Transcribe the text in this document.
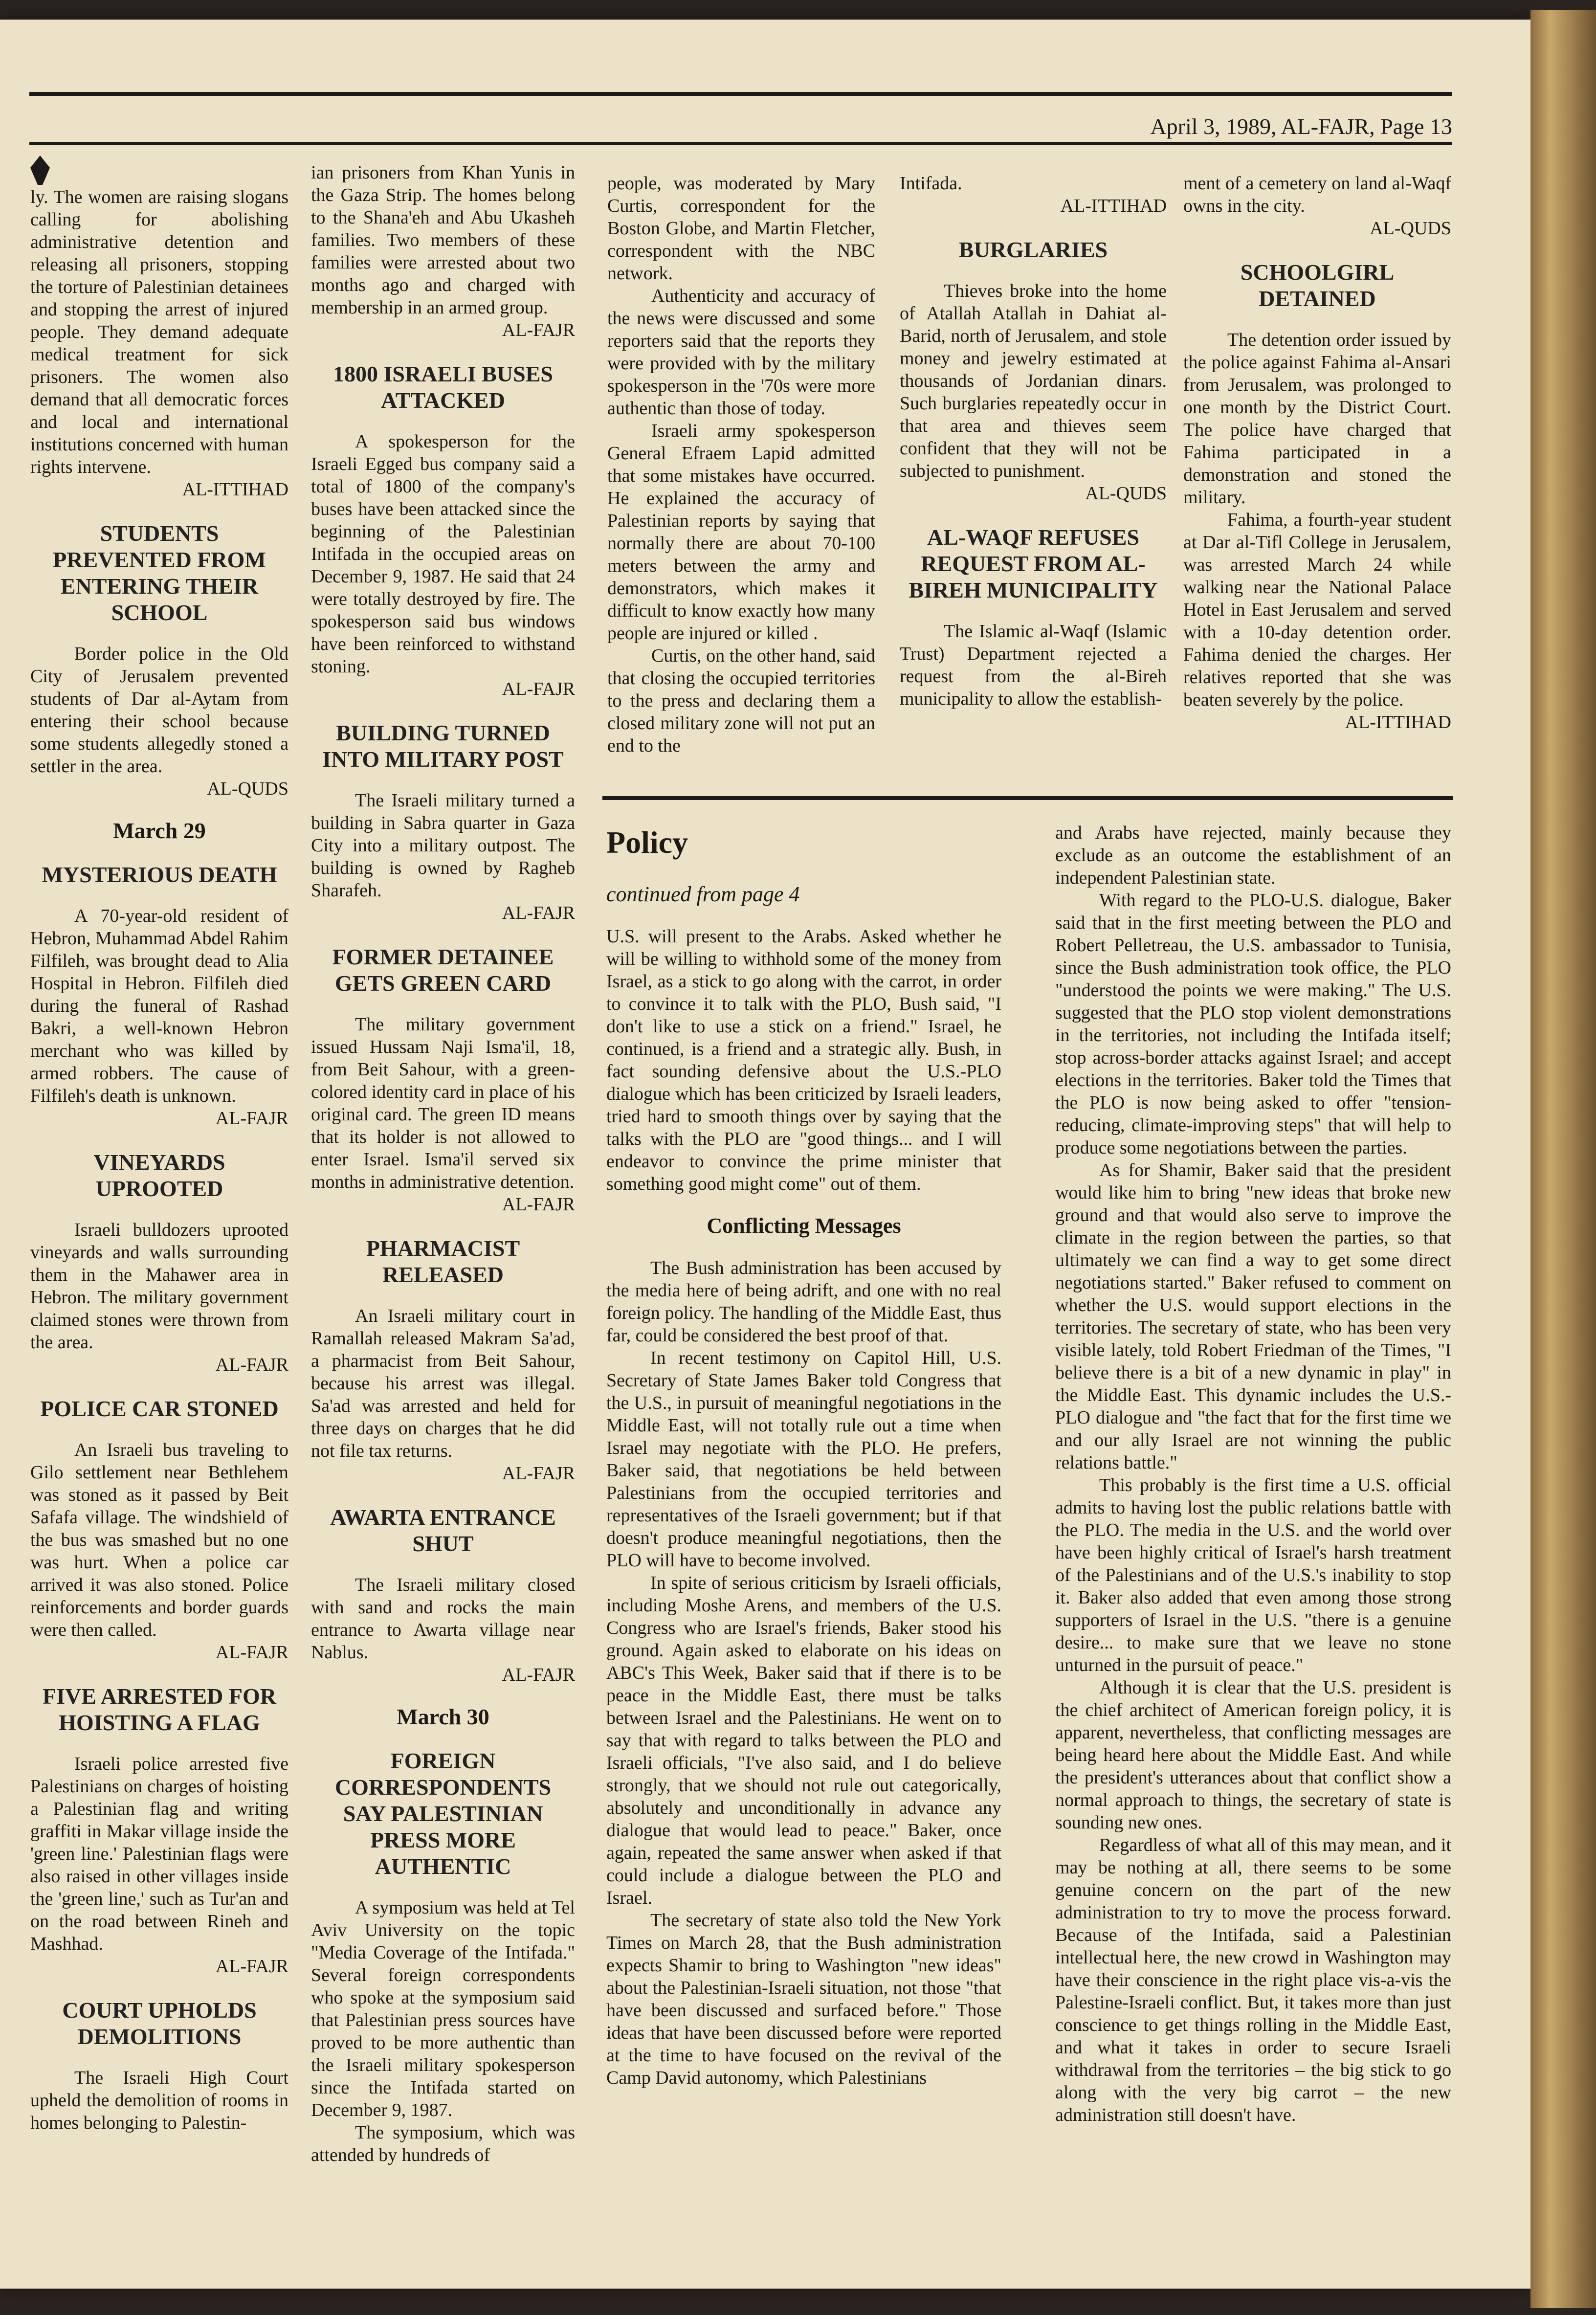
April 3, 1989, AL-FAJR, Page 13

ly. The women are raising slogans calling for abolishing administrative detention and releasing all prisoners, stopping the torture of Palestinian detainees and stopping the arrest of injured people. They demand adequate medical treatment for sick prisoners. The women also demand that all democratic forces and local and international institutions concerned with human rights intervene.

AL-ITTIHAD
STUDENTS PREVENTED FROM ENTERING THEIR SCHOOL

Border police in the Old City of Jerusalem prevented students of Dar al-Aytam from entering their school because some students allegedly stoned a settler in the area.

AL-QUDS
March 29
MYSTERIOUS DEATH

A 70-year-old resident of Hebron, Muhammad Abdel Rahim Filfileh, was brought dead to Alia Hospital in Hebron. Filfileh died during the funeral of Rashad Bakri, a well-known Hebron merchant who was killed by armed robbers. The cause of Filfileh's death is unknown.

AL-FAJR
VINEYARDS UPROOTED

Israeli bulldozers uprooted vineyards and walls surrounding them in the Mahawer area in Hebron. The military government claimed stones were thrown from the area.

AL-FAJR
POLICE CAR STONED

An Israeli bus traveling to Gilo settlement near Bethlehem was stoned as it passed by Beit Safafa village. The windshield of the bus was smashed but no one was hurt. When a police car arrived it was also stoned. Police reinforcements and border guards were then called.

AL-FAJR
FIVE ARRESTED FOR HOISTING A FLAG

Israeli police arrested five Palestinians on charges of hoisting a Palestinian flag and writing graffiti in Makar village inside the 'green line.' Palestinian flags were also raised in other villages inside the 'green line,' such as Tur'an and on the road between Rineh and Mashhad.

AL-FAJR
COURT UPHOLDS DEMOLITIONS

The Israeli High Court upheld the demolition of rooms in homes belonging to Palestin-

ian prisoners from Khan Yunis in the Gaza Strip. The homes belong to the Shana'eh and Abu Ukasheh families. Two members of these families were arrested about two months ago and charged with membership in an armed group.

AL-FAJR
1800 ISRAELI BUSES ATTACKED

A spokesperson for the Israeli Egged bus company said a total of 1800 of the company's buses have been attacked since the beginning of the Palestinian Intifada in the occupied areas on December 9, 1987. He said that 24 were totally destroyed by fire. The spokesperson said bus windows have been reinforced to withstand stoning.

AL-FAJR
BUILDING TURNED INTO MILITARY POST

The Israeli military turned a building in Sabra quarter in Gaza City into a military outpost. The building is owned by Ragheb Sharafeh.

AL-FAJR
FORMER DETAINEE GETS GREEN CARD

The military government issued Hussam Naji Isma'il, 18, from Beit Sahour, with a green-colored identity card in place of his original card. The green ID means that its holder is not allowed to enter Israel. Isma'il served six months in administrative detention.

AL-FAJR
PHARMACIST RELEASED

An Israeli military court in Ramallah released Makram Sa'ad, a pharmacist from Beit Sahour, because his arrest was illegal. Sa'ad was arrested and held for three days on charges that he did not file tax returns.

AL-FAJR
AWARTA ENTRANCE SHUT

The Israeli military closed with sand and rocks the main entrance to Awarta village near Nablus.

AL-FAJR
March 30
FOREIGN CORRESPONDENTS SAY PALESTINIAN PRESS MORE AUTHENTIC

A symposium was held at Tel Aviv University on the topic "Media Coverage of the Intifada." Several foreign correspondents who spoke at the symposium said that Palestinian press sources have proved to be more authentic than the Israeli military spokesperson since the Intifada started on December 9, 1987.

The symposium, which was attended by hundreds of

people, was moderated by Mary Curtis, correspondent for the Boston Globe, and Martin Fletcher, correspondent with the NBC network.

Authenticity and accuracy of the news were discussed and some reporters said that the reports they were provided with by the military spokesperson in the '70s were more authentic than those of today.

Israeli army spokesperson General Efraem Lapid admitted that some mistakes have occurred. He explained the accuracy of Palestinian reports by saying that normally there are about 70-100 meters between the army and demonstrators, which makes it difficult to know exactly how many people are injured or killed .

Curtis, on the other hand, said that closing the occupied territories to the press and declaring them a closed military zone will not put an end to the

Intifada.

AL-ITTIHAD
BURGLARIES

Thieves broke into the home of Atallah Atallah in Dahiat al-Barid, north of Jerusalem, and stole money and jewelry estimated at thousands of Jordanian dinars. Such burglaries repeatedly occur in that area and thieves seem confident that they will not be subjected to punishment.

AL-QUDS
AL-WAQF REFUSES REQUEST FROM AL-BIREH MUNICIPALITY

The Islamic al-Waqf (Islamic Trust) Department rejected a request from the al-Bireh municipality to allow the establish-

ment of a cemetery on land al-Waqf owns in the city.

AL-QUDS
SCHOOLGIRL DETAINED

The detention order issued by the police against Fahima al-Ansari from Jerusalem, was prolonged to one month by the District Court. The police have charged that Fahima participated in a demonstration and stoned the military.

Fahima, a fourth-year student at Dar al-Tifl College in Jerusalem, was arrested March 24 while walking near the National Palace Hotel in East Jerusalem and served with a 10-day detention order. Fahima denied the charges. Her relatives reported that she was beaten severely by the police.

AL-ITTIHAD
Policy
continued from page 4

U.S. will present to the Arabs. Asked whether he will be willing to withhold some of the money from Israel, as a stick to go along with the carrot, in order to convince it to talk with the PLO, Bush said, "I don't like to use a stick on a friend." Israel, he continued, is a friend and a strategic ally. Bush, in fact sounding defensive about the U.S.-PLO dialogue which has been criticized by Israeli leaders, tried hard to smooth things over by saying that the talks with the PLO are "good things... and I will endeavor to convince the prime minister that something good might come" out of them.

Conflicting Messages

The Bush administration has been accused by the media here of being adrift, and one with no real foreign policy. The handling of the Middle East, thus far, could be considered the best proof of that.

In recent testimony on Capitol Hill, U.S. Secretary of State James Baker told Congress that the U.S., in pursuit of meaningful negotiations in the Middle East, will not totally rule out a time when Israel may negotiate with the PLO. He prefers, Baker said, that negotiations be held between Palestinians from the occupied territories and representatives of the Israeli government; but if that doesn't produce meaningful negotiations, then the PLO will have to become involved.

In spite of serious criticism by Israeli officials, including Moshe Arens, and members of the U.S. Congress who are Israel's friends, Baker stood his ground. Again asked to elaborate on his ideas on ABC's This Week, Baker said that if there is to be peace in the Middle East, there must be talks between Israel and the Palestinians. He went on to say that with regard to talks between the PLO and Israeli officials, "I've also said, and I do believe strongly, that we should not rule out categorically, absolutely and unconditionally in advance any dialogue that would lead to peace." Baker, once again, repeated the same answer when asked if that could include a dialogue between the PLO and Israel.

The secretary of state also told the New York Times on March 28, that the Bush administration expects Shamir to bring to Washington "new ideas" about the Palestinian-Israeli situation, not those "that have been discussed and surfaced before." Those ideas that have been discussed before were reported at the time to have focused on the revival of the Camp David autonomy, which Palestinians

and Arabs have rejected, mainly because they exclude as an outcome the establishment of an independent Palestinian state.

With regard to the PLO-U.S. dialogue, Baker said that in the first meeting between the PLO and Robert Pelletreau, the U.S. ambassador to Tunisia, since the Bush administration took office, the PLO "understood the points we were making." The U.S. suggested that the PLO stop violent demonstrations in the territories, not including the Intifada itself; stop across-border attacks against Israel; and accept elections in the territories. Baker told the Times that the PLO is now being asked to offer "tension-reducing, climate-improving steps" that will help to produce some negotiations between the parties.

As for Shamir, Baker said that the president would like him to bring "new ideas that broke new ground and that would also serve to improve the climate in the region between the parties, so that ultimately we can find a way to get some direct negotiations started." Baker refused to comment on whether the U.S. would support elections in the territories. The secretary of state, who has been very visible lately, told Robert Friedman of the Times, "I believe there is a bit of a new dynamic in play" in the Middle East. This dynamic includes the U.S.-PLO dialogue and "the fact that for the first time we and our ally Israel are not winning the public relations battle."

This probably is the first time a U.S. official admits to having lost the public relations battle with the PLO. The media in the U.S. and the world over have been highly critical of Israel's harsh treatment of the Palestinians and of the U.S.'s inability to stop it. Baker also added that even among those strong supporters of Israel in the U.S. "there is a genuine desire... to make sure that we leave no stone unturned in the pursuit of peace."

Although it is clear that the U.S. president is the chief architect of American foreign policy, it is apparent, nevertheless, that conflicting messages are being heard here about the Middle East. And while the president's utterances about that conflict show a normal approach to things, the secretary of state is sounding new ones.

Regardless of what all of this may mean, and it may be nothing at all, there seems to be some genuine concern on the part of the new administration to try to move the process forward. Because of the Intifada, said a Palestinian intellectual here, the new crowd in Washington may have their conscience in the right place vis-a-vis the Palestine-Israeli conflict. But, it takes more than just conscience to get things rolling in the Middle East, and what it takes in order to secure Israeli withdrawal from the territories – the big stick to go along with the very big carrot – the new administration still doesn't have.
